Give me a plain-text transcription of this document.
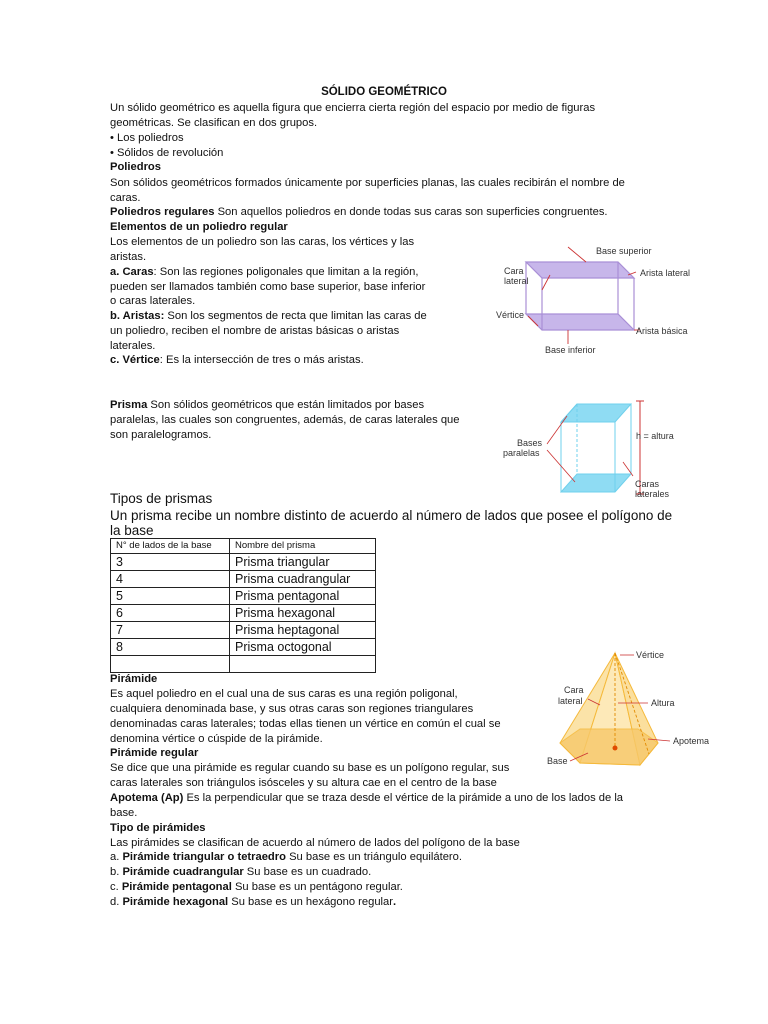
SÓLIDO GEOMÉTRICO
Un sólido geométrico es aquella figura que encierra cierta región del espacio por medio de figuras
geométricas. Se clasifican en dos grupos.
• Los poliedros
• Sólidos de revolución
Poliedros
Son sólidos geométricos formados únicamente por superficies planas, las cuales recibirán el nombre de
caras.
Poliedros regulares Son aquellos poliedros en donde todas sus caras son superficies congruentes.
Elementos de un poliedro regular
Los elementos de un poliedro son las caras, los vértices y las
aristas.
a. Caras: Son las regiones poligonales que limitan a la región,
pueden ser llamados también como base superior, base inferior
o caras laterales.
b. Aristas: Son los segmentos de recta que limitan las caras de
un poliedro, reciben el nombre de aristas básicas o aristas
laterales.
c. Vértice: Es la intersección de tres o más aristas.
Base superior
Cara
lateral
Arista lateral
Vértice
Arista básica
Base inferior
Prisma Son sólidos geométricos que están limitados por bases
paralelas, las cuales son congruentes, además, de caras laterales que
son paralelogramos.
Bases
paralelas
h = altura
Caras
laterales
Tipos de prismas
Un prisma recibe un nombre distinto de acuerdo al número de lados que posee el polígono de
la base
N° de lados de la base	Nombre del prisma
3	Prisma triangular
4	Prisma cuadrangular
5	Prisma pentagonal
6	Prisma hexagonal
7	Prisma heptagonal
8	Prisma octogonal

Pirámide
Es aquel poliedro en el cual una de sus caras es una región poligonal,
cualquiera denominada base, y sus otras caras son regiones triangulares
denominadas caras laterales; todas ellas tienen un vértice en común el cual se
denomina vértice o cúspide de la pirámide.
Pirámide regular
Se dice que una pirámide es regular cuando su base es un polígono regular, sus
caras laterales son triángulos isósceles y su altura cae en el centro de la base
Apotema (Ap) Es la perpendicular que se traza desde el vértice de la pirámide a uno de los lados de la
base.
Tipo de pirámides
Las pirámides se clasifican de acuerdo al número de lados del polígono de la base
a. Pirámide triangular o tetraedro Su base es un triángulo equilátero.
b. Pirámide cuadrangular Su base es un cuadrado.
c. Pirámide pentagonal Su base es un pentágono regular.
d. Pirámide hexagonal Su base es un hexágono regular.
Vértice
Cara
lateral	Altura
Apotema
Base
